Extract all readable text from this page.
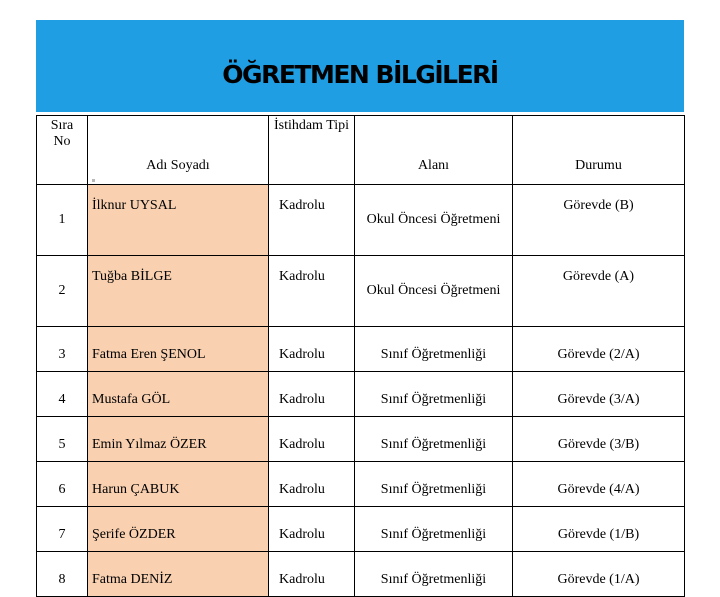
ÖĞRETMEN BİLGİLERİ
Sıra No	Adı Soyadı	İstihdam Tipi	Alanı	Durumu
1	İlknur UYSAL	Kadrolu	Okul Öncesi Öğretmeni	Görevde (B)
2	Tuğba BİLGE	Kadrolu	Okul Öncesi Öğretmeni	Görevde (A)
3	Fatma Eren ŞENOL	Kadrolu	Sınıf Öğretmenliği	Görevde (2/A)
4	Mustafa GÖL	Kadrolu	Sınıf Öğretmenliği	Görevde (3/A)
5	Emin Yılmaz ÖZER	Kadrolu	Sınıf Öğretmenliği	Görevde (3/B)
6	Harun ÇABUK	Kadrolu	Sınıf Öğretmenliği	Görevde (4/A)
7	Şerife ÖZDER	Kadrolu	Sınıf Öğretmenliği	Görevde (1/B)
8	Fatma DENİZ	Kadrolu	Sınıf Öğretmenliği	Görevde (1/A)
